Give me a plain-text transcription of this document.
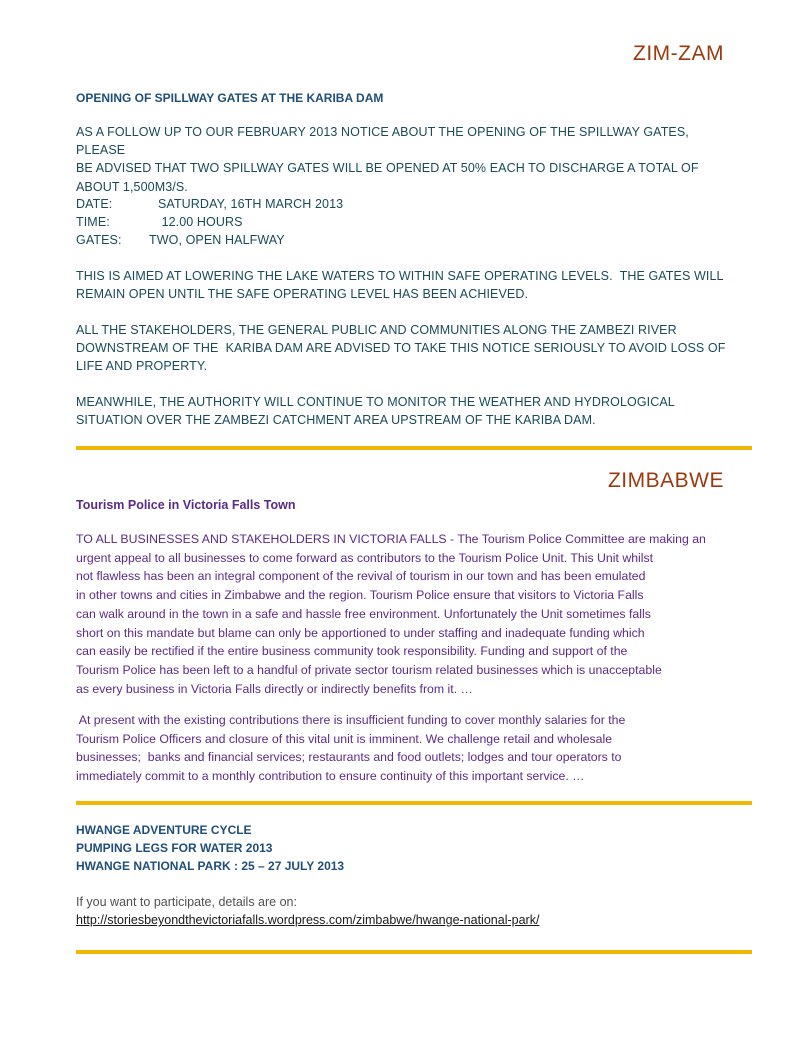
ZIM-ZAM
OPENING OF SPILLWAY GATES AT THE KARIBA DAM

AS A FOLLOW UP TO OUR FEBRUARY 2013 NOTICE ABOUT THE OPENING OF THE SPILLWAY GATES, PLEASE

BE ADVISED THAT TWO SPILLWAY GATES WILL BE OPENED AT 50% EACH TO DISCHARGE A TOTAL OF

ABOUT 1,500M3/S.

DATE:	SATURDAY, 16TH MARCH 2013
TIME:	12.00 HOURS
GATES:	TWO, OPEN HALFWAY

THIS IS AIMED AT LOWERING THE LAKE WATERS TO WITHIN SAFE OPERATING LEVELS.  THE GATES WILL

REMAIN OPEN UNTIL THE SAFE OPERATING LEVEL HAS BEEN ACHIEVED.

ALL THE STAKEHOLDERS, THE GENERAL PUBLIC AND COMMUNITIES ALONG THE ZAMBEZI RIVER

DOWNSTREAM OF THE  KARIBA DAM ARE ADVISED TO TAKE THIS NOTICE SERIOUSLY TO AVOID LOSS OF

LIFE AND PROPERTY.

MEANWHILE, THE AUTHORITY WILL CONTINUE TO MONITOR THE WEATHER AND HYDROLOGICAL

SITUATION OVER THE ZAMBEZI CATCHMENT AREA UPSTREAM OF THE KARIBA DAM.

ZIMBABWE
Tourism Police in Victoria Falls Town

TO ALL BUSINESSES AND STAKEHOLDERS IN VICTORIA FALLS - The Tourism Police Committee are making an

urgent appeal to all businesses to come forward as contributors to the Tourism Police Unit. This Unit whilst

not flawless has been an integral component of the revival of tourism in our town and has been emulated

in other towns and cities in Zimbabwe and the region. Tourism Police ensure that visitors to Victoria Falls

can walk around in the town in a safe and hassle free environment. Unfortunately the Unit sometimes falls

short on this mandate but blame can only be apportioned to under staffing and inadequate funding which

can easily be rectified if the entire business community took responsibility. Funding and support of the

Tourism Police has been left to a handful of private sector tourism related businesses which is unacceptable

as every business in Victoria Falls directly or indirectly benefits from it. …

At present with the existing contributions there is insufficient funding to cover monthly salaries for the

Tourism Police Officers and closure of this vital unit is imminent. We challenge retail and wholesale

businesses;  banks and financial services; restaurants and food outlets; lodges and tour operators to

immediately commit to a monthly contribution to ensure continuity of this important service. …

HWANGE ADVENTURE CYCLE

PUMPING LEGS FOR WATER 2013

HWANGE NATIONAL PARK : 25 – 27 JULY 2013

If you want to participate, details are on:

http://storiesbeyondthevictoriafalls.wordpress.com/zimbabwe/hwange-national-park/
